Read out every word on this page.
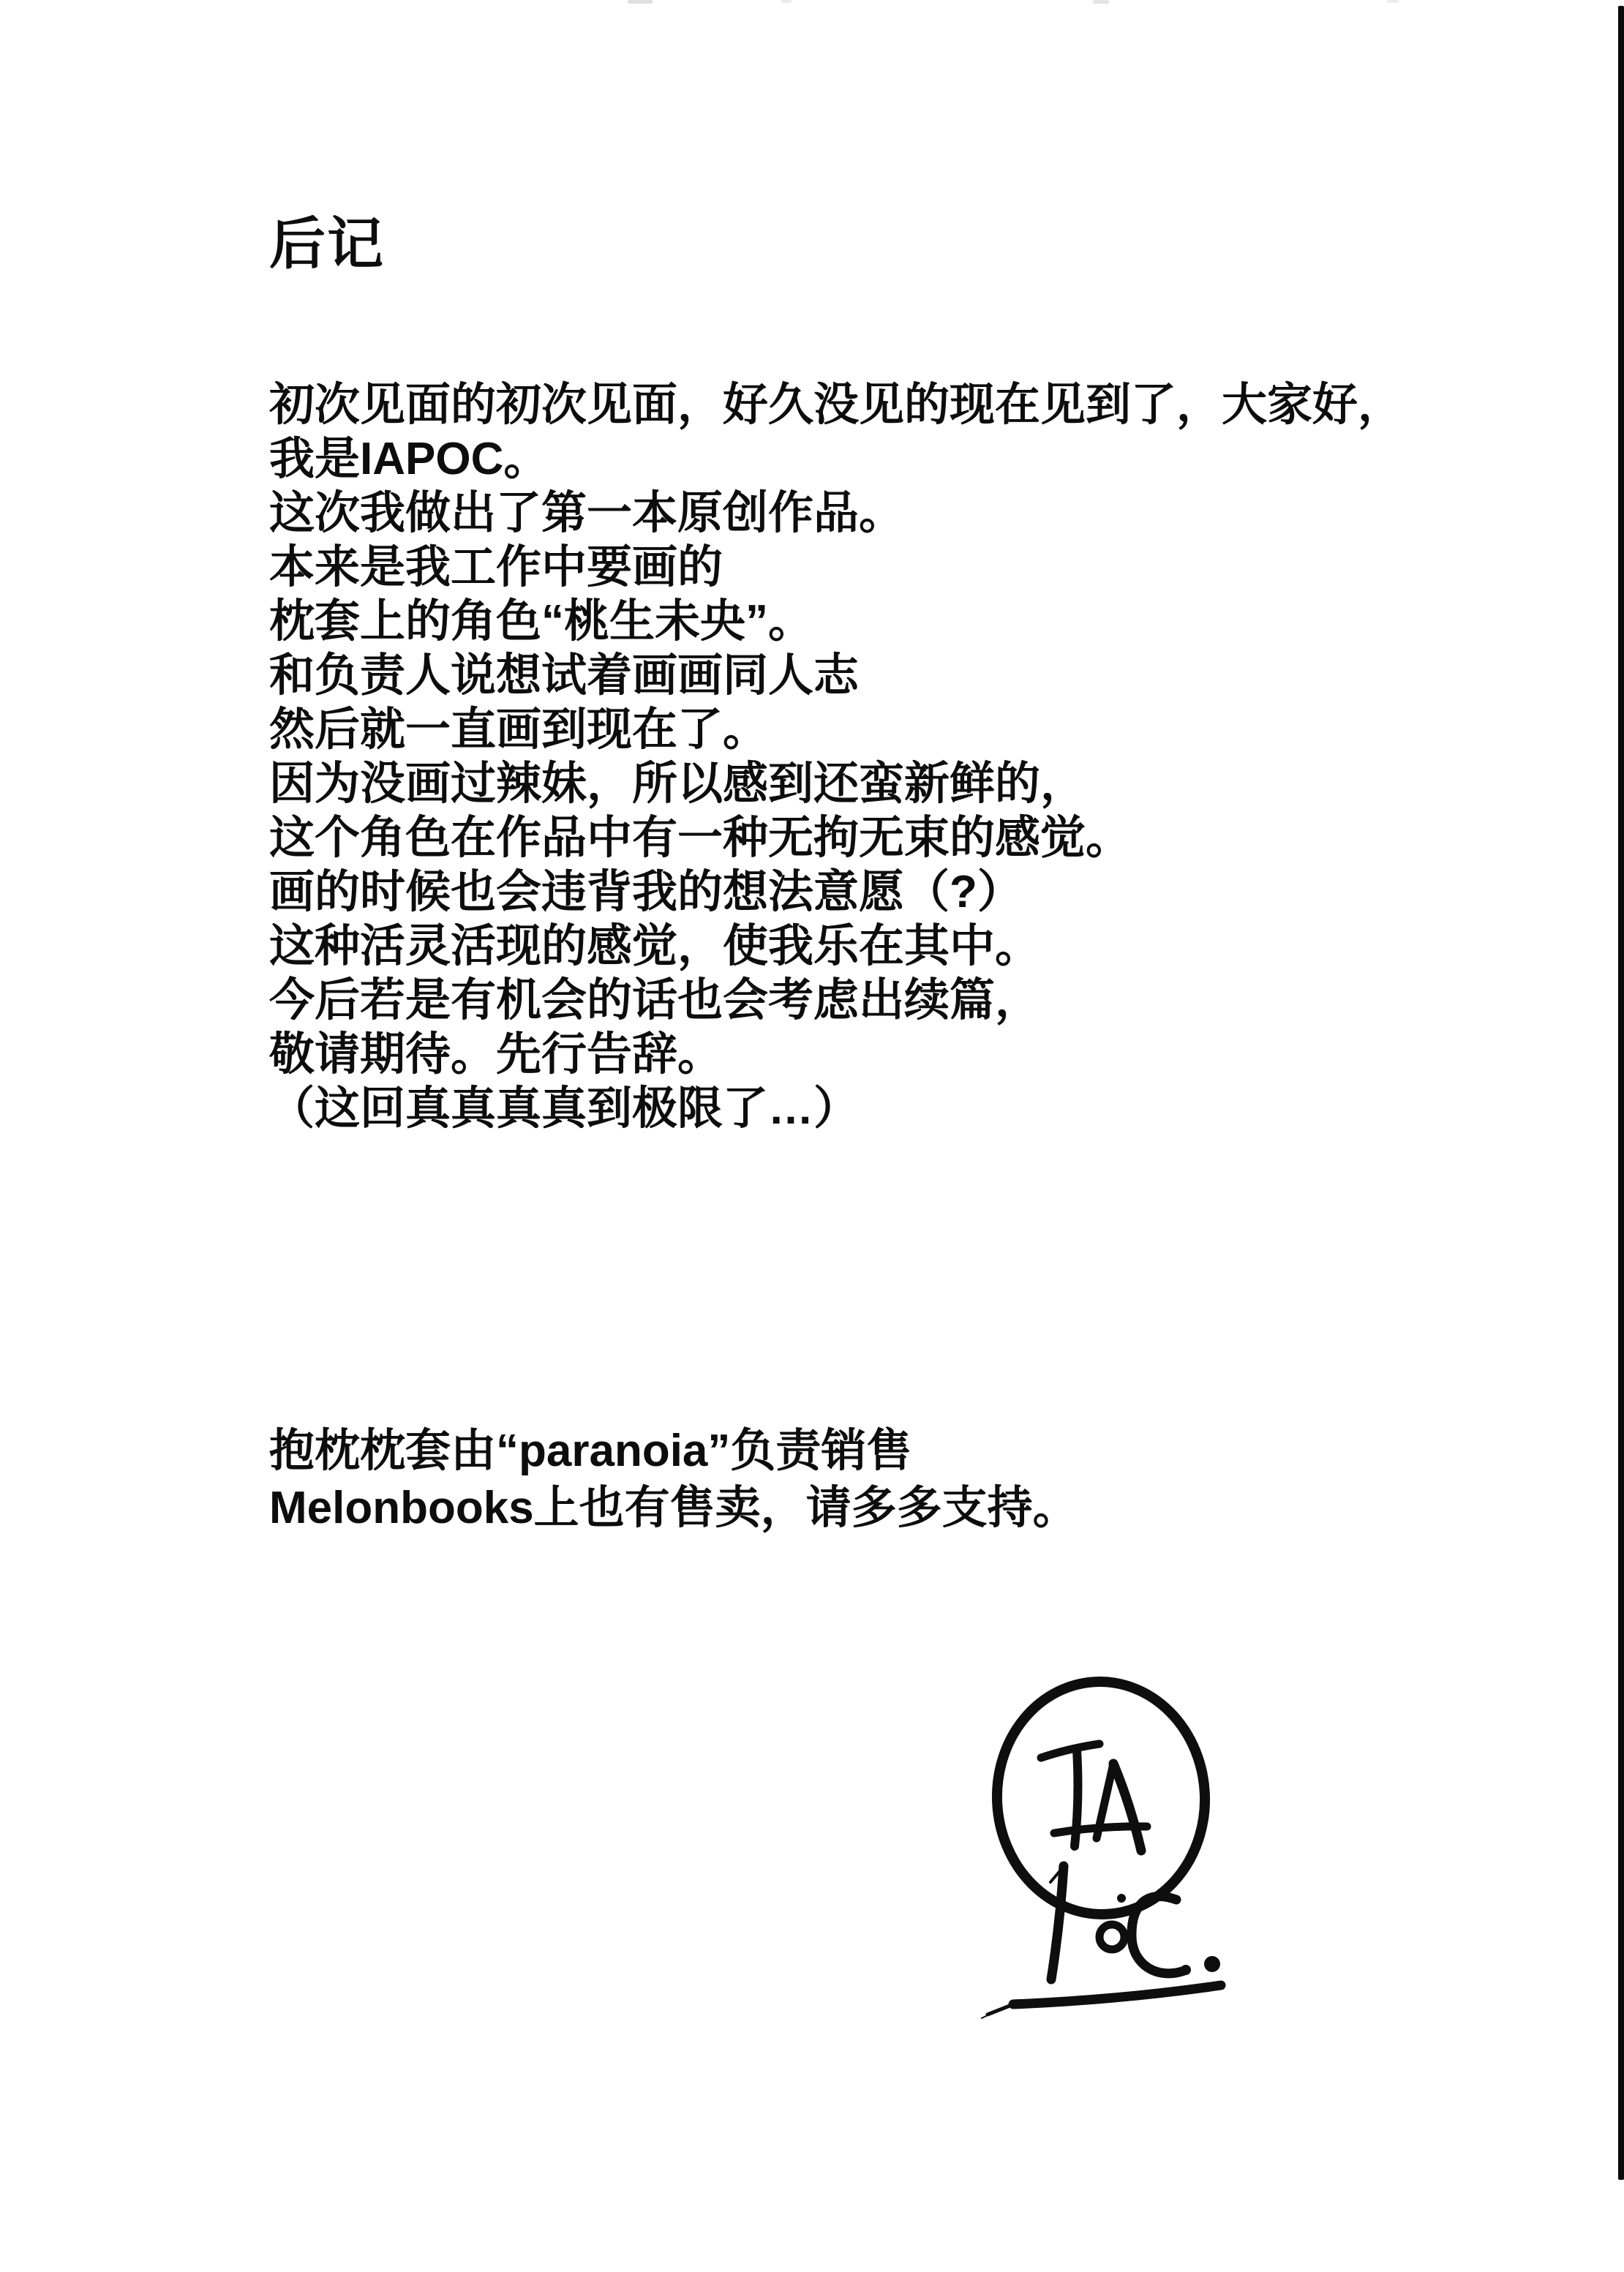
后记
初次见面的初次见面，好久没见的现在见到了，大家好，
我是IAPOC。
这次我做出了第一本原创作品。
本来是我工作中要画的
枕套上的角色“桃生未央”。
和负责人说想试着画画同人志
然后就一直画到现在了。
因为没画过辣妹，所以感到还蛮新鲜的，
这个角色在作品中有一种无拘无束的感觉。
画的时候也会违背我的想法意愿（?）
这种活灵活现的感觉，使我乐在其中。
今后若是有机会的话也会考虑出续篇，
敬请期待。先行告辞。
（这回真真真真到极限了…）
抱枕枕套由“paranoia”负责销售
Melonbooks上也有售卖，请多多支持。
